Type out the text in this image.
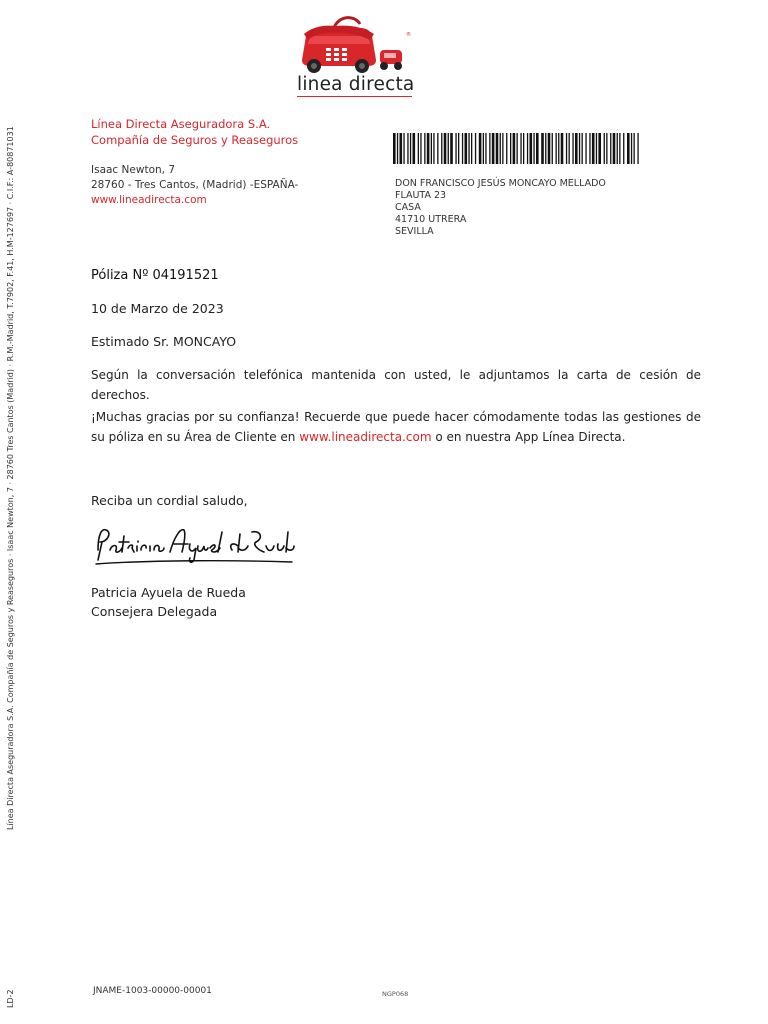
®
linea directa
Línea Directa Aseguradora S.A.
Compañía de Seguros y Reaseguros
Isaac Newton, 7
28760 - Tres Cantos, (Madrid) -ESPAÑA-
www.lineadirecta.com
DON FRANCISCO JESÚS MONCAYO MELLADO
FLAUTA 23
CASA
41710 UTRERA
SEVILLA
Póliza Nº 04191521
10 de Marzo de 2023
Estimado Sr. MONCAYO
Según la conversación telefónica mantenida con usted, le adjuntamos la carta de cesión de derechos.
¡Muchas gracias por su confianza! Recuerde que puede hacer cómodamente todas las gestiones de su póliza en su Área de Cliente en www.lineadirecta.com o en nuestra App Línea Directa.
Reciba un cordial saludo,
Patricia Ayuela de Rueda
Consejera Delegada
Línea Directa Aseguradora S.A. Compañía de Seguros y Reaseguros · Isaac Newton, 7 · 28760 Tres Cantos (Madrid) · R.M.-Madrid, T.7902, F.41, H.M-127697 · C.I.F.: A-80871031
LD-2	JNAME-1003-00000-00001	NGP068
